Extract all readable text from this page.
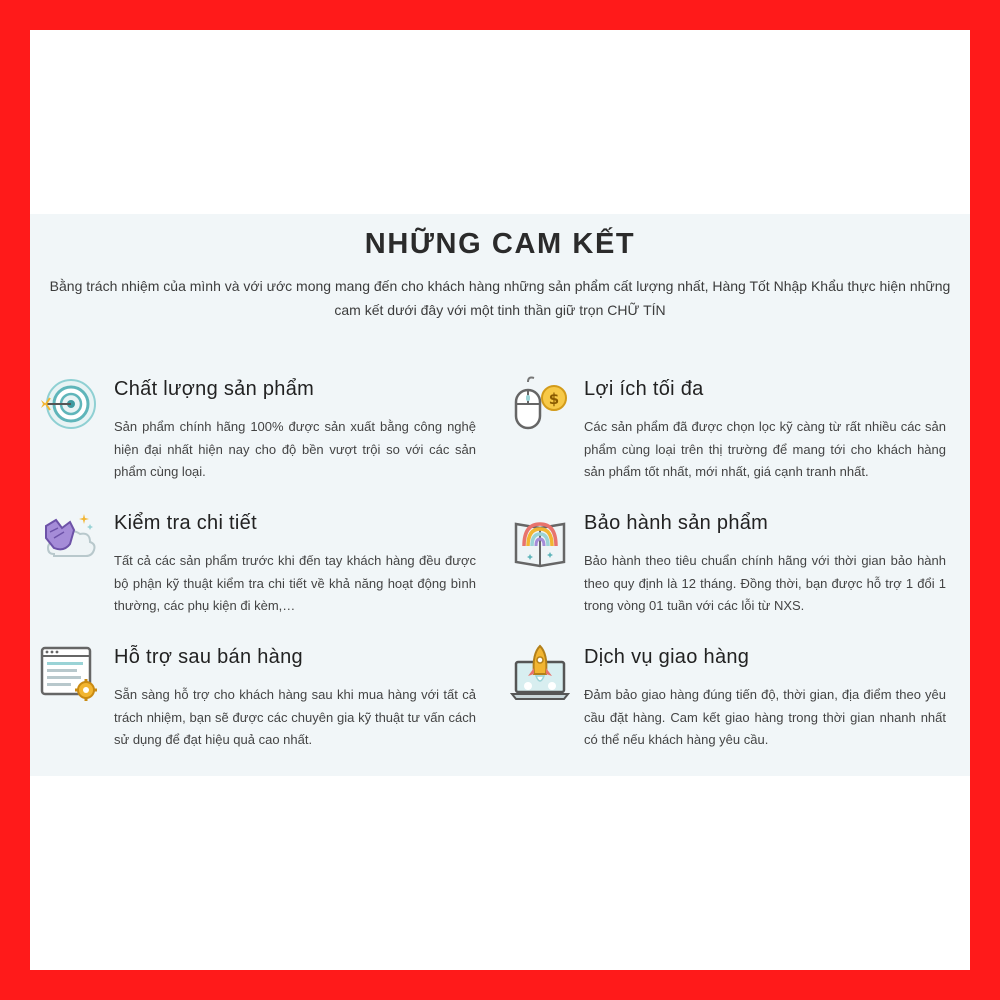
NHỮNG CAM KẾT

Bằng trách nhiệm của mình và với ước mong mang đến cho khách hàng những sản phẩm cất lượng nhất, Hàng Tốt Nhập Khẩu thực hiện những cam kết dưới đây với một tinh thần giữ trọn CHỮ TÍN

Chất lượng sản phẩm

Sản phẩm chính hãng 100% được sản xuất bằng công nghệ hiện đại nhất hiện nay cho độ bền vượt trội so với các sản phẩm cùng loại.

$ Lợi ích tối đa

Các sản phẩm đã được chọn lọc kỹ càng từ rất nhiều các sản phẩm cùng loại trên thị trường để mang tới cho khách hàng sản phẩm tốt nhất, mới nhất, giá cạnh tranh nhất.

Kiểm tra chi tiết

Tất cả các sản phẩm trước khi đến tay khách hàng đều được bộ phận kỹ thuật kiểm tra chi tiết về khả năng hoạt động bình thường, các phụ kiện đi kèm,…

Bảo hành sản phẩm

Bảo hành theo tiêu chuẩn chính hãng với thời gian bảo hành theo quy định là 12 tháng. Đồng thời, bạn được hỗ trợ 1 đổi 1 trong vòng 01 tuần với các lỗi từ NXS.

Hỗ trợ sau bán hàng

Sẵn sàng hỗ trợ cho khách hàng sau khi mua hàng với tất cả trách nhiệm, bạn sẽ được các chuyên gia kỹ thuật tư vấn cách sử dụng để đạt hiệu quả cao nhất.

Dịch vụ giao hàng

Đảm bảo giao hàng đúng tiến độ, thời gian, địa điểm theo yêu cầu đặt hàng. Cam kết giao hàng trong thời gian nhanh nhất có thể nếu khách hàng yêu cầu.
